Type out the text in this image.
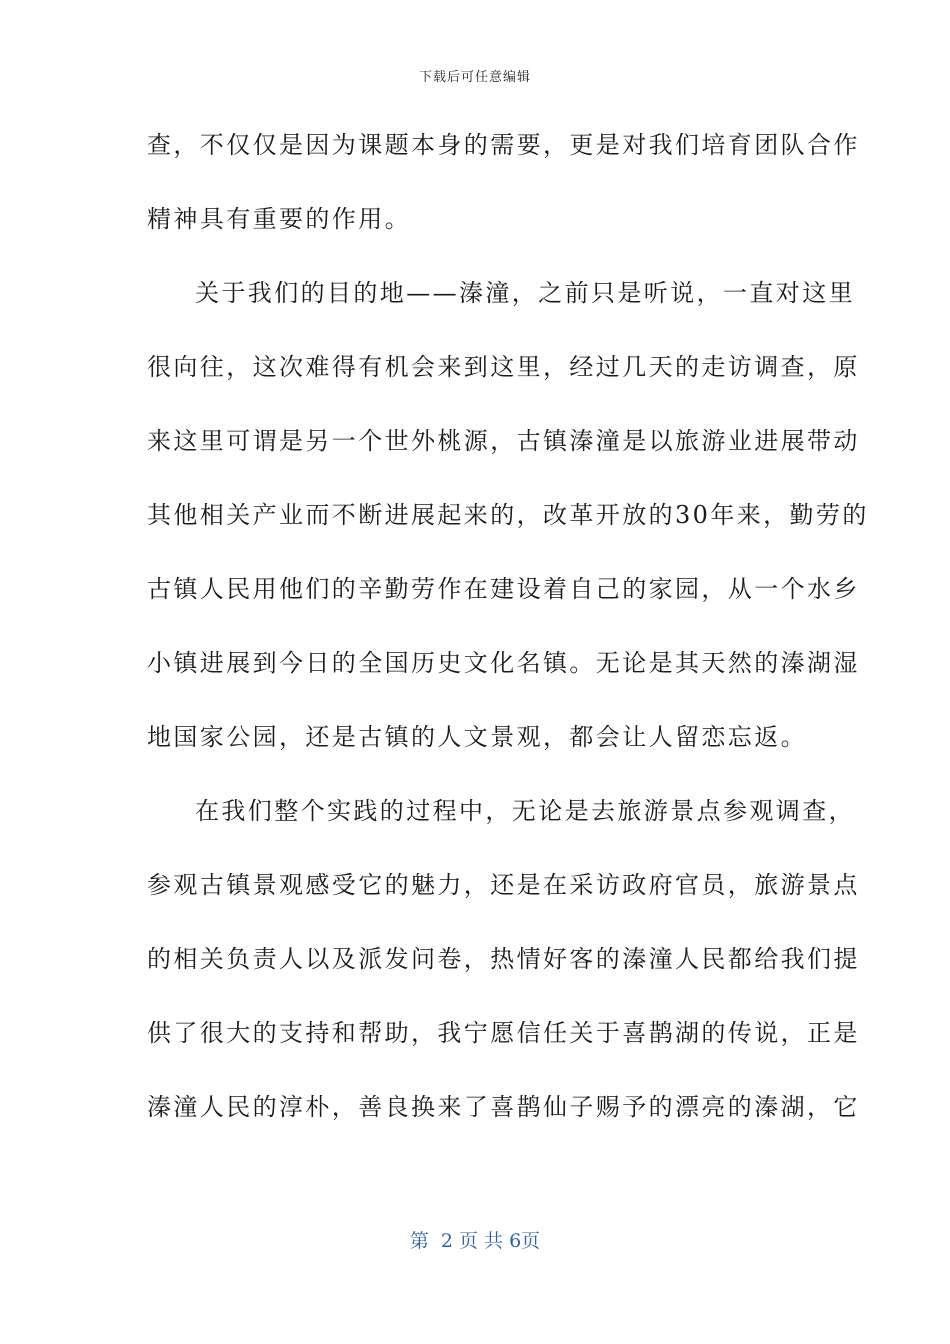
下载后可任意编辑
查，不仅仅是因为课题本身的需要，更是对我们培育团队合作
精神具有重要的作用。
关于我们的目的地——溱潼，之前只是听说，一直对这里
很向往，这次难得有机会来到这里，经过几天的走访调查，原
来这里可谓是另一个世外桃源，古镇溱潼是以旅游业进展带动
其他相关产业而不断进展起来的，改革开放的30年来，勤劳的
古镇人民用他们的辛勤劳作在建设着自己的家园，从一个水乡
小镇进展到今日的全国历史文化名镇。无论是其天然的溱湖湿
地国家公园，还是古镇的人文景观，都会让人留恋忘返。
在我们整个实践的过程中，无论是去旅游景点参观调查，
参观古镇景观感受它的魅力，还是在采访政府官员，旅游景点
的相关负责人以及派发问卷，热情好客的溱潼人民都给我们提
供了很大的支持和帮助，我宁愿信任关于喜鹊湖的传说，正是
溱潼人民的淳朴，善良换来了喜鹊仙子赐予的漂亮的溱湖，它
第  2 页 共 6页
